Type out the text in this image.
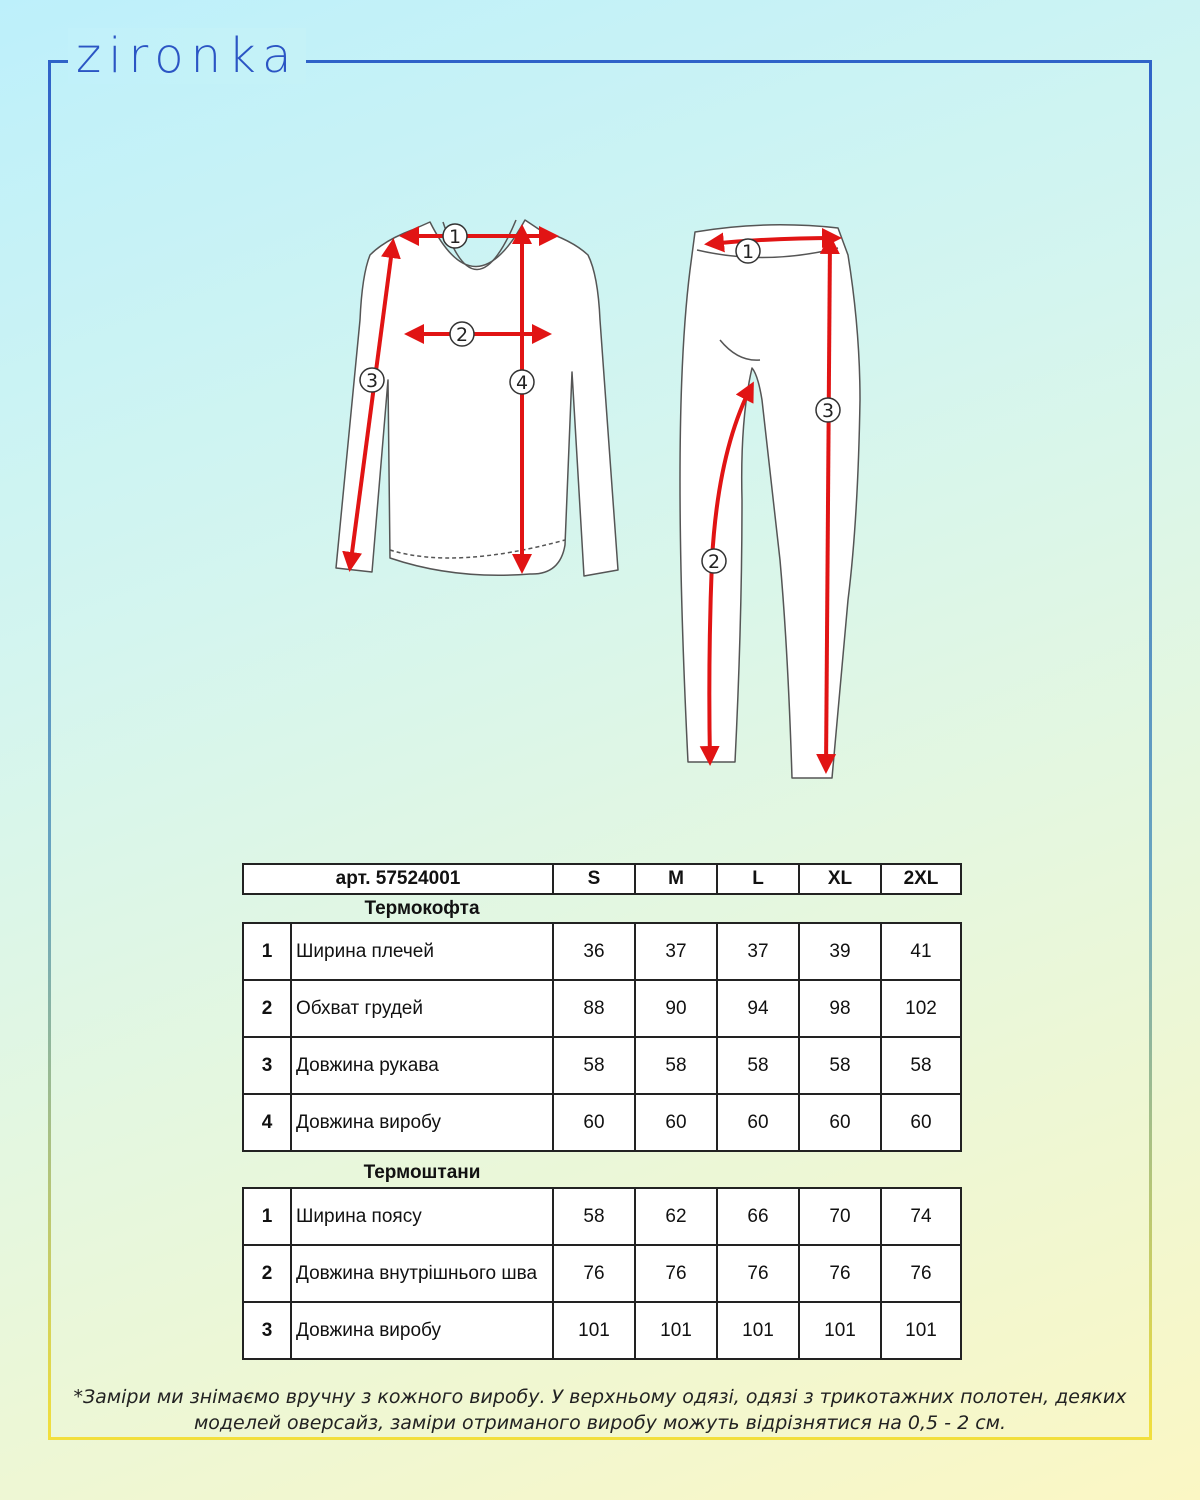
zironka
1
2
3	4
1
2
3
арт. 57524001	S	M	L	XL	2XL
Термокофта
1	Ширина плечей	36	37	37	39	41
2	Обхват грудей	88	90	94	98	102
3	Довжина рукава	58	58	58	58	58
4	Довжина виробу	60	60	60	60	60
Термоштани
1	Ширина поясу	58	62	66	70	74
2	Довжина внутрішнього шва	76	76	76	76	76
3	Довжина виробу	101	101	101	101	101
*Заміри ми знімаємо вручну з кожного виробу. У верхньому одязі, одязі з трикотажних полотен, деяких моделей оверсайз, заміри отриманого виробу можуть відрізнятися на 0,5 - 2 см.
